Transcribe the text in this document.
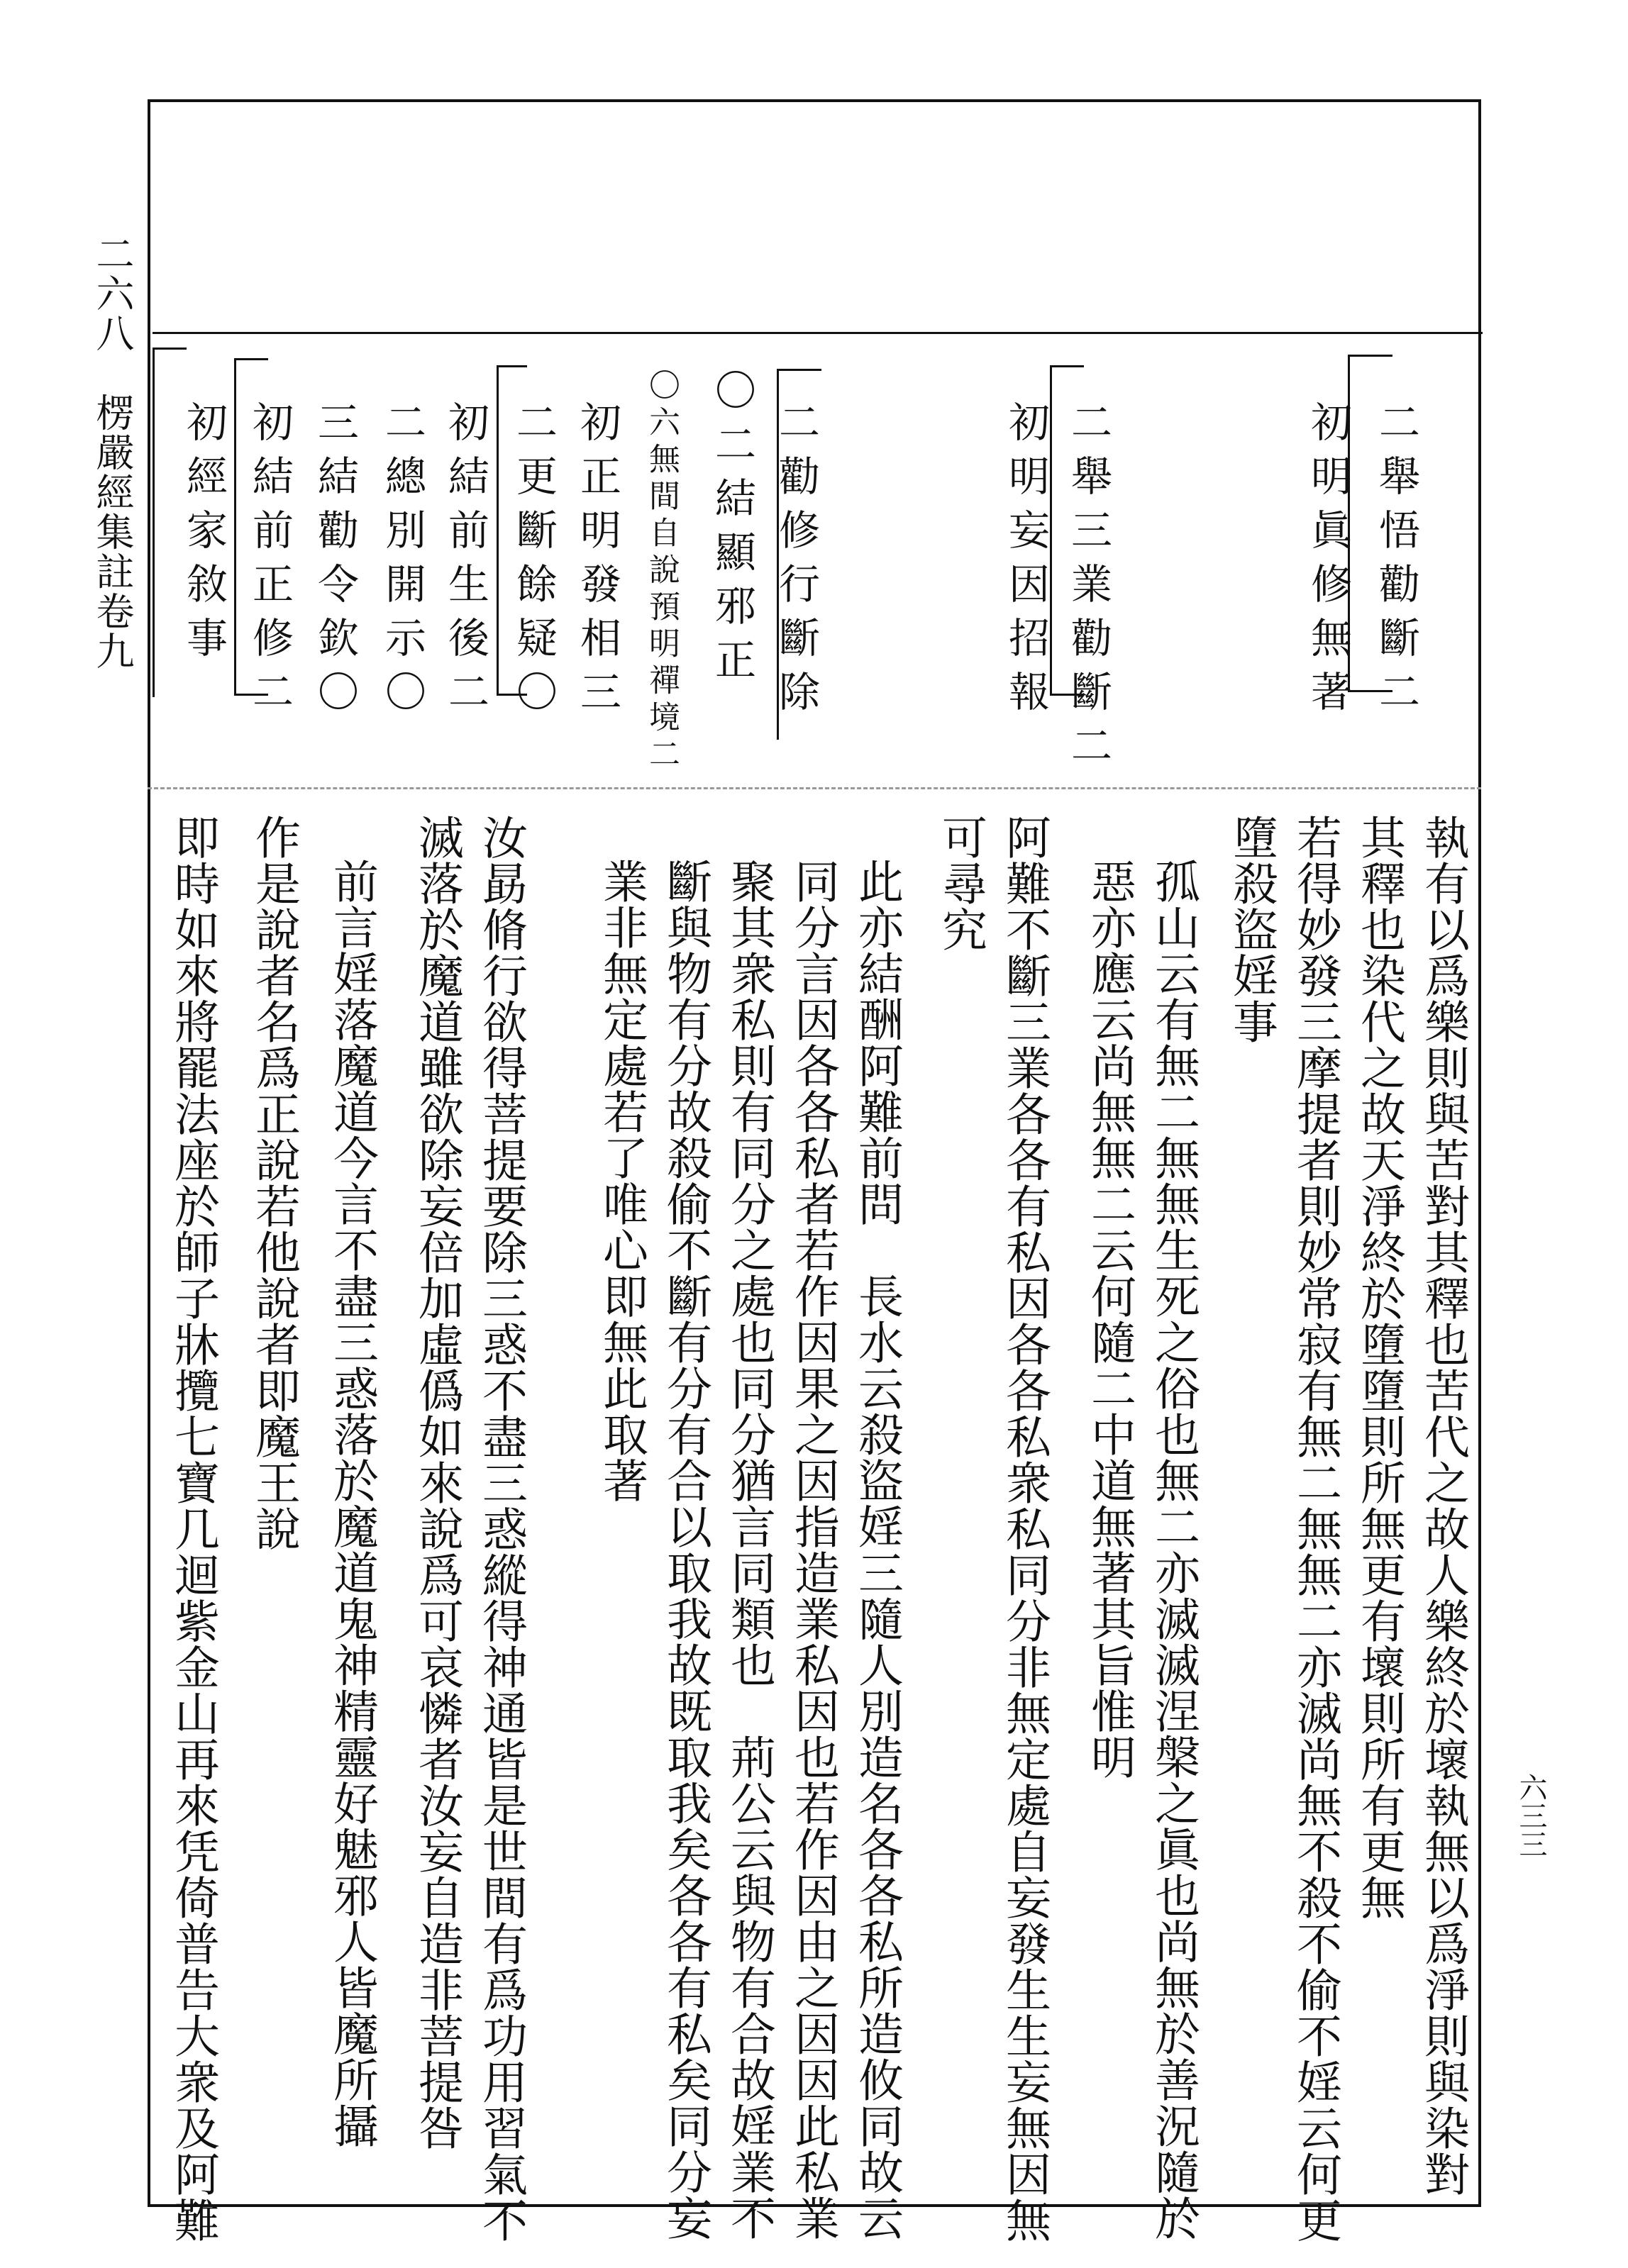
二六八　楞嚴經集註卷九
六三三
二舉悟勸斷二
初明眞修無著
二舉三業勸斷二
初明妄因招報
二勸修行斷除
〇二結顯邪正
〇六無間自說預明禪境二
初正明發相三
二更斷餘疑〇
初結前生後二
二總別開示〇
三結勸令欽〇
初結前正修二
初經家敘事
執有以爲樂則與苦對其釋也苦代之故人樂終於壞執無以爲淨則與染對
其釋也染代之故天淨終於墮墮則所無更有壞則所有更無
若得妙發三摩提者則妙常寂有無二無無二亦滅尚無不殺不偷不婬云何更
墮殺盜婬事
孤山云有無二無無生死之俗也無二亦滅滅涅槃之眞也尚無於善況隨於
惡亦應云尚無無二云何隨二中道無著其旨惟明
阿難不斷三業各各有私因各各私衆私同分非無定處自妄發生生妄無因無
可尋究
此亦結酬阿難前問　長水云殺盜婬三隨人別造名各各私所造攸同故云
同分言因各各私者若作因果之因指造業私因也若作因由之因因此私業
聚其衆私則有同分之處也同分猶言同類也　荊公云與物有合故婬業不
斷與物有分故殺偷不斷有分有合以取我故既取我矣各各有私矣同分妄
業非無定處若了唯心即無此取著
汝勗脩行欲得菩提要除三惑不盡三惑縱得神通皆是世間有爲功用習氣不
滅落於魔道雖欲除妄倍加虛僞如來說爲可哀憐者汝妄自造非菩提咎
前言婬落魔道今言不盡三惑落於魔道鬼神精靈好魅邪人皆魔所攝
作是說者名爲正說若他說者即魔王說
即時如來將罷法座於師子牀攬七寶几迴紫金山再來凭倚普告大衆及阿難
